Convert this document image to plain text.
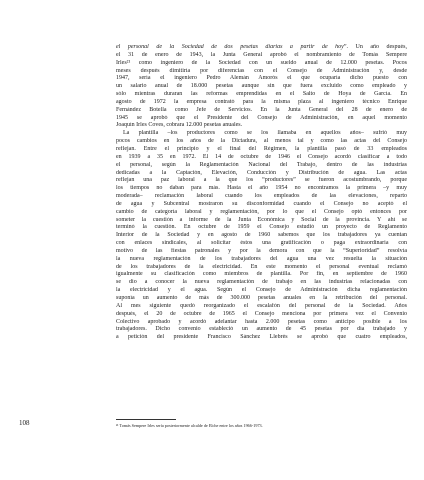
el personal de la Sociedad de dos pesetas diarias a partir de hoy”. Un año después,
el 31 de enero de 1943, la Junta General aprobó el nombramiento de Tomás Sempere
Irles²¹ como ingeniero de la Sociedad con un sueldo anual de 12.000 pesetas. Pocos
meses después dimitiría por diferencias con el Consejo de Administración y, desde
1947, sería el ingeniero Pedro Alemán Amorós el que ocuparía dicho puesto con
un salario anual de 18.000 pesetas aunque sin que fuera excluido como empleado y
sólo mientras duraran las reformas emprendidas en el Salto de Hoya de García. En
agosto de 1972 la empresa contrató para la misma plaza al ingeniero técnico Enrique
Fernández Botella como Jefe de Servicios. En la Junta General del 28 de enero de
1945 se aprobó que el Presidente del Consejo de Administración, en aquel momento
Joaquín Irles Coves, cobrara 12.000 pesetas anuales.
La plantilla –los productores como se los llamaba en aquellos años– sufrió muy
pocos cambios en los años de la Dictadura, al menos tal y como las actas del Consejo
reflejan. Entre el principio y el final del Régimen, la plantilla pasó de 33 empleados
en 1939 a 35 en 1972. El 14 de octubre de 1946 el Consejo acordó clasificar a todo
el personal, según la Reglamentación Nacional del Trabajo, dentro de las industrias
dedicadas a la Captación, Elevación, Conducción y Distribución de agua. Las actas
reflejan una paz laboral a la que los “productores” se fueron acostumbrando, porque
los tiempos no daban para más. Hasta el año 1954 no encontramos la primera –y muy
moderada– reclamación laboral cuando los empleados de las elevaciones, reparto
de agua y Subcentral mostraron su disconformidad cuando el Consejo no aceptó el
cambio de categoría laboral y reglamentación, por lo que el Consejo optó entonces por
someter la cuestión a informe de la Junta Económica y Social de la provincia. Y ahí se
terminó la cuestión. En octubre de 1959 el Consejo estudió un proyecto de Reglamento
Interior de la Sociedad y en agosto de 1960 sabemos que los trabajadores ya cuentan
con enlaces sindicales, al solicitar éstos una gratificación o paga extraordinaria con
motivo de las fiestas patronales y por la demora con que la “Superioridad” resolvía
la nueva reglamentación de los trabajadores del agua una vez resuelta la situación
de los trabajadores de la electricidad. En este momento el personal eventual reclamó
igualmente su clasificación como miembros de plantilla. Por fin, en septiembre de 1960
se dio a conocer la nueva reglamentación de trabajo en las industrias relacionadas con
la electricidad y el agua. Según el Consejo de Administración dicha reglamentación
suponía un aumento de más de 300.000 pesetas anuales en la retribución del personal.
Al mes siguiente quedó reorganizado el escalafón del personal de la Sociedad. Años
después, el 20 de octubre de 1965 el Consejo menciona por primera vez el Convenio
Colectivo aprobado y acordó adelantar hasta 2.000 pesetas como anticipo posible a los
trabajadores. Dicho convenio estableció un aumento de 45 pesetas por día trabajado y
a petición del presidente Francisco Sánchez Llebrés se aprobó que cuatro empleados,
108	²¹ Tomás Sempere Irles sería posteriormente alcalde de Elche entre los años 1966-1973.
